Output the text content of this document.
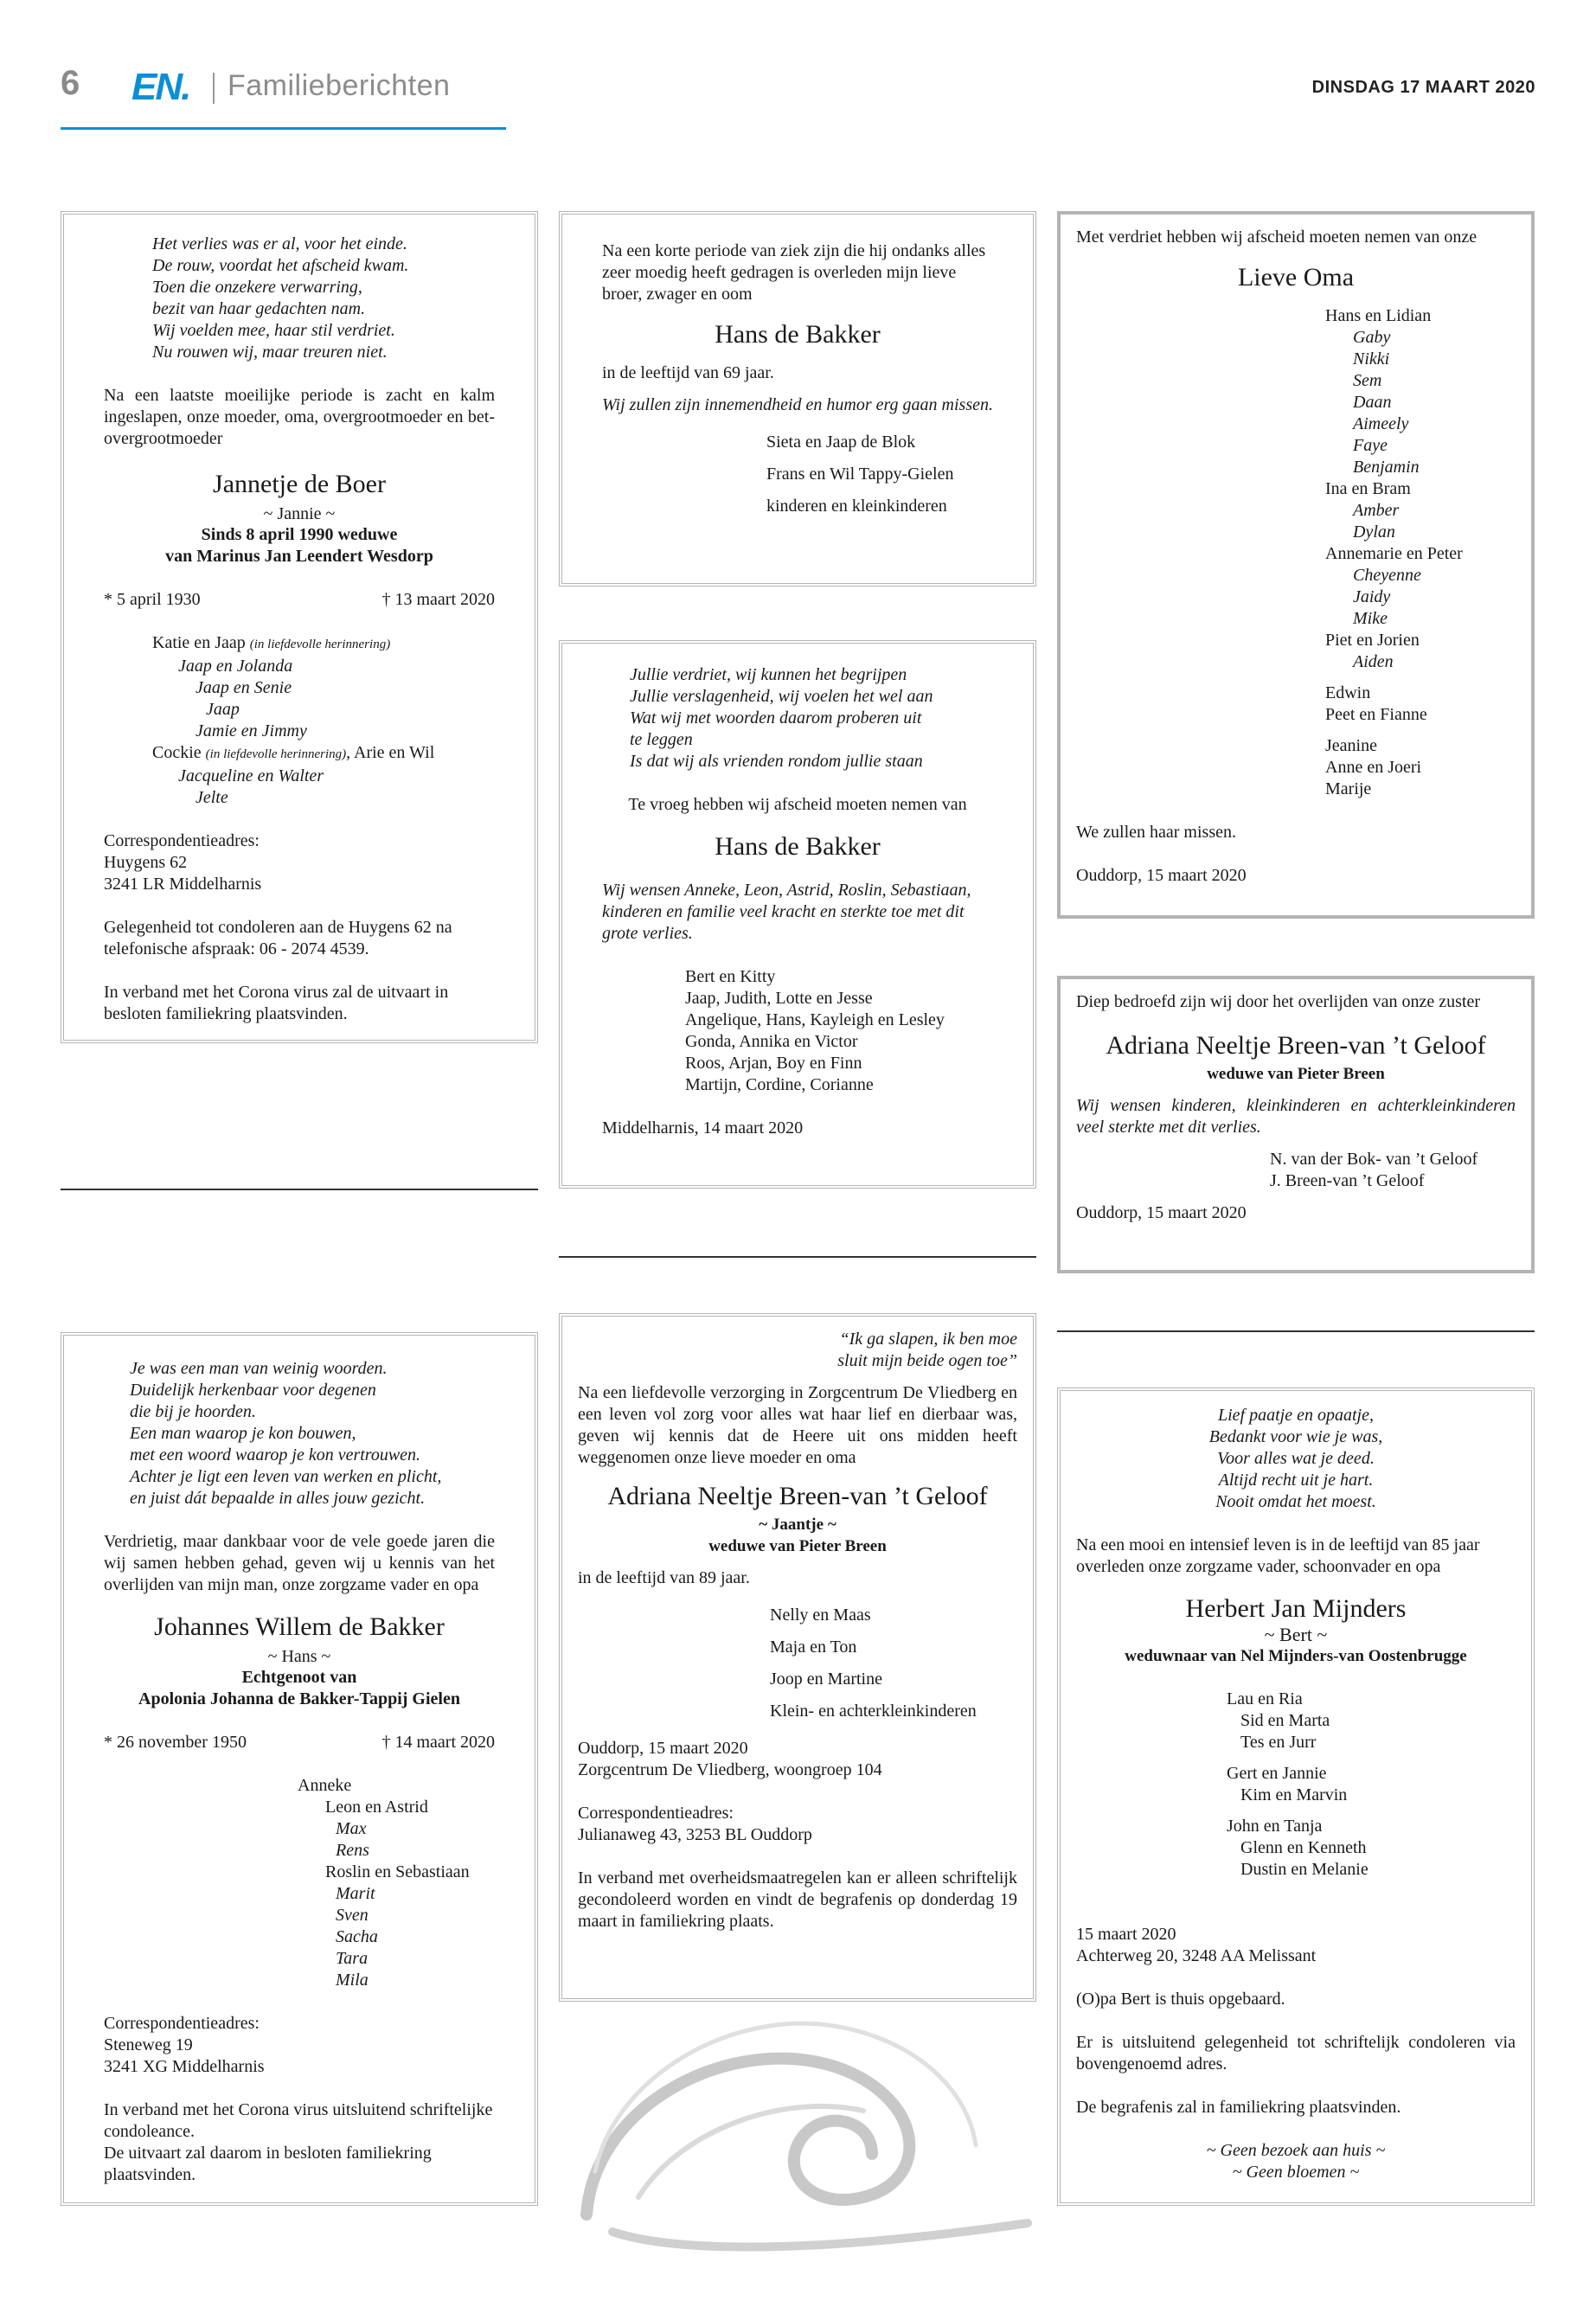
6 EN. Familieberichten	DINSDAG 17 MAART 2020

Het verlies was er al, voor het einde.

De rouw, voordat het afscheid kwam.

Toen die onzekere verwarring,

bezit van haar gedachten nam.

Wij voelden mee, haar stil verdriet.

Nu rouwen wij, maar treuren niet.

Na een laatste moeilijke periode is zacht en kalm ingeslapen, onze moeder, oma, overgrootmoeder en bet-overgrootmoeder

Jannetje de Boer
~ Jannie ~
Sinds 8 april 1990 weduwe
van Marinus Jan Leendert Wesdorp
* 5 april 1930	† 13 maart 2020

Katie en Jaap (in liefdevolle herinnering)

Jaap en Jolanda

Jaap en Senie

Jaap

Jamie en Jimmy

Cockie (in liefdevolle herinnering), Arie en Wil

Jacqueline en Walter

Jelte

Correspondentieadres:

Huygens 62

3241 LR Middelharnis

Gelegenheid tot condoleren aan de Huygens 62 na telefonische afspraak: 06 - 2074 4539.

In verband met het Corona virus zal de uitvaart in besloten familiekring plaatsvinden.

Na een korte periode van ziek zijn die hij ondanks alles zeer moedig heeft gedragen is overleden mijn lieve broer, zwager en oom

Hans de Bakker

in de leeftijd van 69 jaar.

Wij zullen zijn innemendheid en humor erg gaan missen.

Sieta en Jaap de Blok

Frans en Wil Tappy-Gielen

kinderen en kleinkinderen

Jullie verdriet, wij kunnen het begrijpen

Jullie verslagenheid, wij voelen het wel aan

Wat wij met woorden daarom proberen uit

te leggen

Is dat wij als vrienden rondom jullie staan

Te vroeg hebben wij afscheid moeten nemen van

Hans de Bakker

Wij wensen Anneke, Leon, Astrid, Roslin, Sebastiaan, kinderen en familie veel kracht en sterkte toe met dit grote verlies.

Bert en Kitty

Jaap, Judith, Lotte en Jesse

Angelique, Hans, Kayleigh en Lesley

Gonda, Annika en Victor

Roos, Arjan, Boy en Finn

Martijn, Cordine, Corianne

Middelharnis, 14 maart 2020

Met verdriet hebben wij afscheid moeten nemen van onze

Lieve Oma

Hans en Lidian

Gaby

Nikki

Sem

Daan

Aimeely

Faye

Benjamin

Ina en Bram

Amber

Dylan

Annemarie en Peter

Cheyenne

Jaidy

Mike

Piet en Jorien

Aiden

Edwin

Peet en Fianne

Jeanine

Anne en Joeri

Marije

We zullen haar missen.

Ouddorp, 15 maart 2020

Diep bedroefd zijn wij door het overlijden van onze zuster

Adriana Neeltje Breen-van ’t Geloof
weduwe van Pieter Breen

Wij wensen kinderen, kleinkinderen en achterkleinkinderen veel sterkte met dit verlies.

N. van der Bok- van ’t Geloof

J. Breen-van ’t Geloof

Ouddorp, 15 maart 2020

Je was een man van weinig woorden.

Duidelijk herkenbaar voor degenen

die bij je hoorden.

Een man waarop je kon bouwen,

met een woord waarop je kon vertrouwen.

Achter je ligt een leven van werken en plicht,

en juist dát bepaalde in alles jouw gezicht.

Verdrietig, maar dankbaar voor de vele goede jaren die wij samen hebben gehad, geven wij u kennis van het overlijden van mijn man, onze zorgzame vader en opa

Johannes Willem de Bakker
~ Hans ~
Echtgenoot van
Apolonia Johanna de Bakker-Tappij Gielen
* 26 november 1950	† 14 maart 2020

Anneke

Leon en Astrid

Max

Rens

Roslin en Sebastiaan

Marit

Sven

Sacha

Tara

Mila

Correspondentieadres:

Steneweg 19

3241 XG Middelharnis

In verband met het Corona virus uitsluitend schriftelijke condoleance.

De uitvaart zal daarom in besloten familiekring plaatsvinden.

“Ik ga slapen, ik ben moe

sluit mijn beide ogen toe”

Na een liefdevolle verzorging in Zorgcentrum De Vliedberg en een leven vol zorg voor alles wat haar lief en dierbaar was, geven wij kennis dat de Heere uit ons midden heeft weggenomen onze lieve moeder en oma

Adriana Neeltje Breen-van ’t Geloof
~ Jaantje ~
weduwe van Pieter Breen

in de leeftijd van 89 jaar.

Nelly en Maas

Maja en Ton

Joop en Martine

Klein- en achterkleinkinderen

Ouddorp, 15 maart 2020

Zorgcentrum De Vliedberg, woongroep 104

Correspondentieadres:

Julianaweg 43, 3253 BL Ouddorp

In verband met overheidsmaatregelen kan er alleen schriftelijk gecondoleerd worden en vindt de begrafenis op donderdag 19 maart in familiekring plaats.

Lief paatje en opaatje,

Bedankt voor wie je was,

Voor alles wat je deed.

Altijd recht uit je hart.

Nooit omdat het moest.

Na een mooi en intensief leven is in de leeftijd van 85 jaar overleden onze zorgzame vader, schoonvader en opa

Herbert Jan Mijnders
~ Bert ~
weduwnaar van Nel Mijnders-van Oostenbrugge

Lau en Ria

Sid en Marta

Tes en Jurr

Gert en Jannie

Kim en Marvin

John en Tanja

Glenn en Kenneth

Dustin en Melanie

15 maart 2020

Achterweg 20, 3248 AA Melissant

(O)pa Bert is thuis opgebaard.

Er is uitsluitend gelegenheid tot schriftelijk condoleren via bovengenoemd adres.

De begrafenis zal in familiekring plaatsvinden.

~ Geen bezoek aan huis ~

~ Geen bloemen ~
